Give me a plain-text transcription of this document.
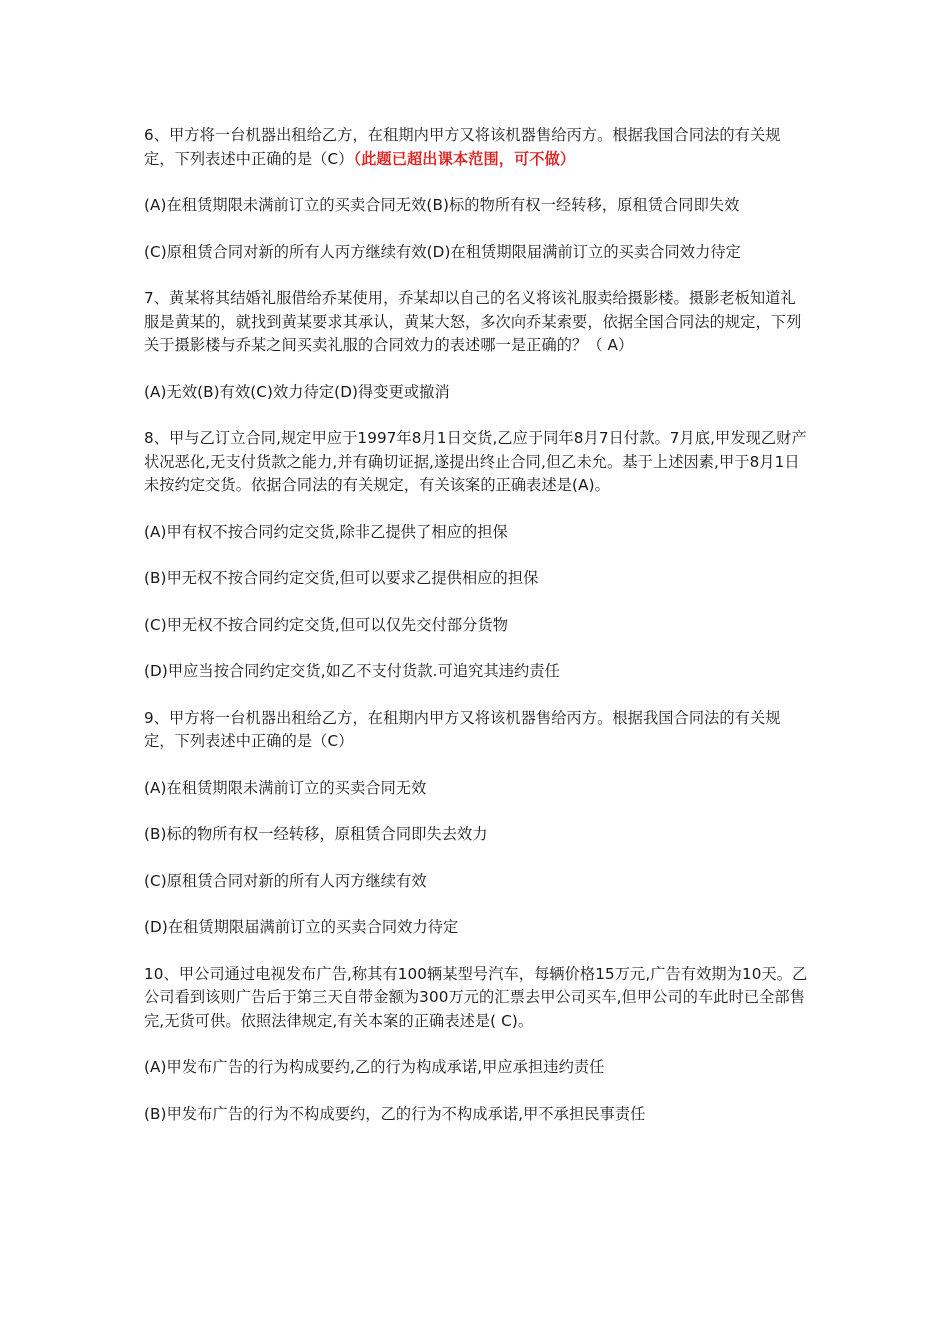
6、甲方将一台机器出租给乙方，在租期内甲方又将该机器售给丙方。根据我国合同法的有关规定，下列表述中正确的是（C）（此题已超出课本范围，可不做）

(A)在租赁期限未满前订立的买卖合同无效(B)标的物所有权一经转移，原租赁合同即失效

(C)原租赁合同对新的所有人丙方继续有效(D)在租赁期限届满前订立的买卖合同效力待定

7、黄某将其结婚礼服借给乔某使用，乔某却以自己的名义将该礼服卖给摄影楼。摄影老板知道礼服是黄某的，就找到黄某要求其承认，黄某大怒，多次向乔某索要，依据全国合同法的规定，下列关于摄影楼与乔某之间买卖礼服的合同效力的表述哪一是正确的？（ A）

(A)无效(B)有效(C)效力待定(D)得变更或撤消

8、甲与乙订立合同,规定甲应于1997年8月1日交货,乙应于同年8月7日付款。7月底,甲发现乙财产状况恶化,无支付货款之能力,并有确切证据,遂提出终止合同,但乙未允。基于上述因素,甲于8月1日未按约定交货。依据合同法的有关规定，有关该案的正确表述是(A)。

(A)甲有权不按合同约定交货,除非乙提供了相应的担保

(B)甲无权不按合同约定交货,但可以要求乙提供相应的担保

(C)甲无权不按合同约定交货,但可以仅先交付部分货物

(D)甲应当按合同约定交货,如乙不支付货款.可追究其违约责任

9、甲方将一台机器出租给乙方，在租期内甲方又将该机器售给丙方。根据我国合同法的有关规定，下列表述中正确的是（C）

(A)在租赁期限未满前订立的买卖合同无效

(B)标的物所有权一经转移，原租赁合同即失去效力

(C)原租赁合同对新的所有人丙方继续有效

(D)在租赁期限届满前订立的买卖合同效力待定

10、甲公司通过电视发布广告,称其有100辆某型号汽车，每辆价格15万元,广告有效期为10天。乙公司看到该则广告后于第三天自带金额为300万元的汇票去甲公司买车,但甲公司的车此时已全部售完,无货可供。依照法律规定,有关本案的正确表述是( C)。

(A)甲发布广告的行为构成要约,乙的行为构成承诺,甲应承担违约责任

(B)甲发布广告的行为不构成要约，乙的行为不构成承诺,甲不承担民事责任
